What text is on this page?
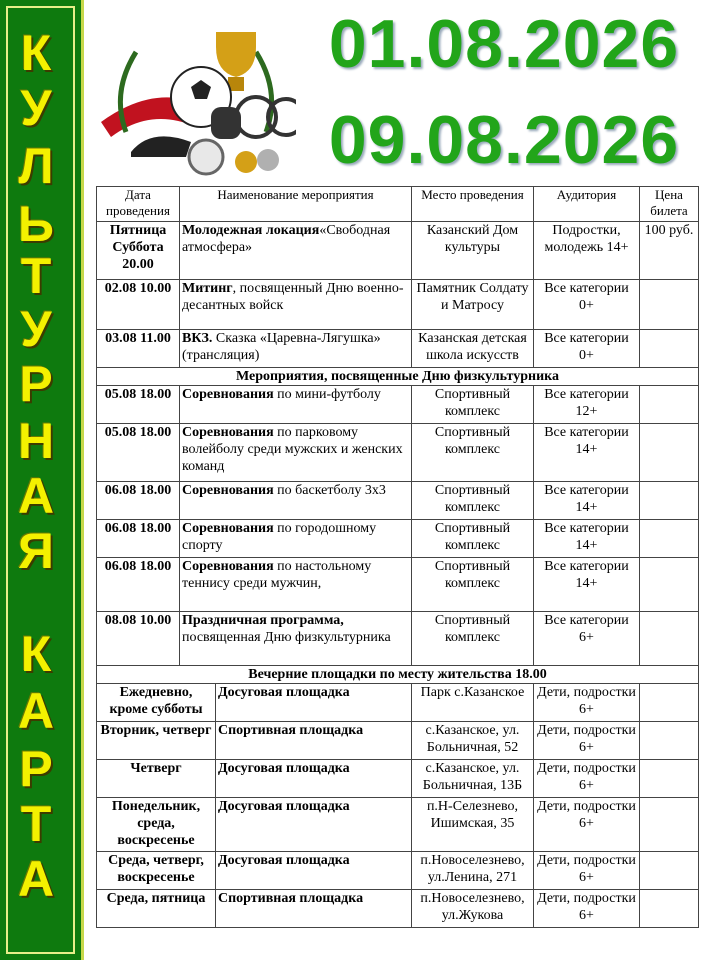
К
У
Л
Ь
Т
У
Р
Н
А
Я
К
А
Р
Т
А
01.08.2026
09.08.2026
Дата проведения	Наименование мероприятия		Место проведения	Аудитория	Цена билета
Пятница Суббота 20.00	Молодежная локация«Свободная атмосфера»		Казанский Дом культуры	Подростки, молодежь 14+	100 руб.
02.08 10.00	Митинг, посвященный Дню военно-десантных войск		Памятник Солдату и Матросу	Все категории 0+	
03.08 11.00	ВКЗ. Сказка «Царевна-Лягушка» (трансляция)		Казанская детская школа искусств	Все категории 0+	
Мероприятия, посвященные Дню физкультурника					
05.08 18.00	Соревнования по мини-футболу		Спортивный комплекс	Все категории 12+	
05.08 18.00	Соревнования по парковому волейболу среди мужских и женских команд		Спортивный комплекс	Все категории 14+	
06.08 18.00	Соревнования по баскетболу 3х3		Спортивный комплекс	Все категории 14+	
06.08 18.00	Соревнования по городошному спорту		Спортивный комплекс	Все категории 14+	
06.08 18.00	Соревнования по настольному теннису среди мужчин,		Спортивный комплекс	Все категории 14+	
08.08 10.00	Праздничная программа, посвященная Дню физкультурника		Спортивный комплекс	Все категории 6+	
Вечерние площадки по месту жительства 18.00					
Ежедневно, кроме субботы		Досуговая площадка	Парк с.Казанское	Дети, подростки 6+	
Вторник, четверг		Спортивная площадка	с.Казанское, ул. Больничная, 52	Дети, подростки 6+	
Четверг		Досуговая площадка	с.Казанское, ул. Больничная, 13Б	Дети, подростки 6+	
Понедельник, среда, воскресенье		Досуговая площадка	п.Н-Селезнево, Ишимская, 35	Дети, подростки 6+	
Среда, четверг, воскресенье		Досуговая площадка	п.Новоселезнево, ул.Ленина, 271	Дети, подростки 6+	
Среда, пятница		Спортивная площадка	п.Новоселезнево, ул.Жукова	Дети, подростки 6+	
